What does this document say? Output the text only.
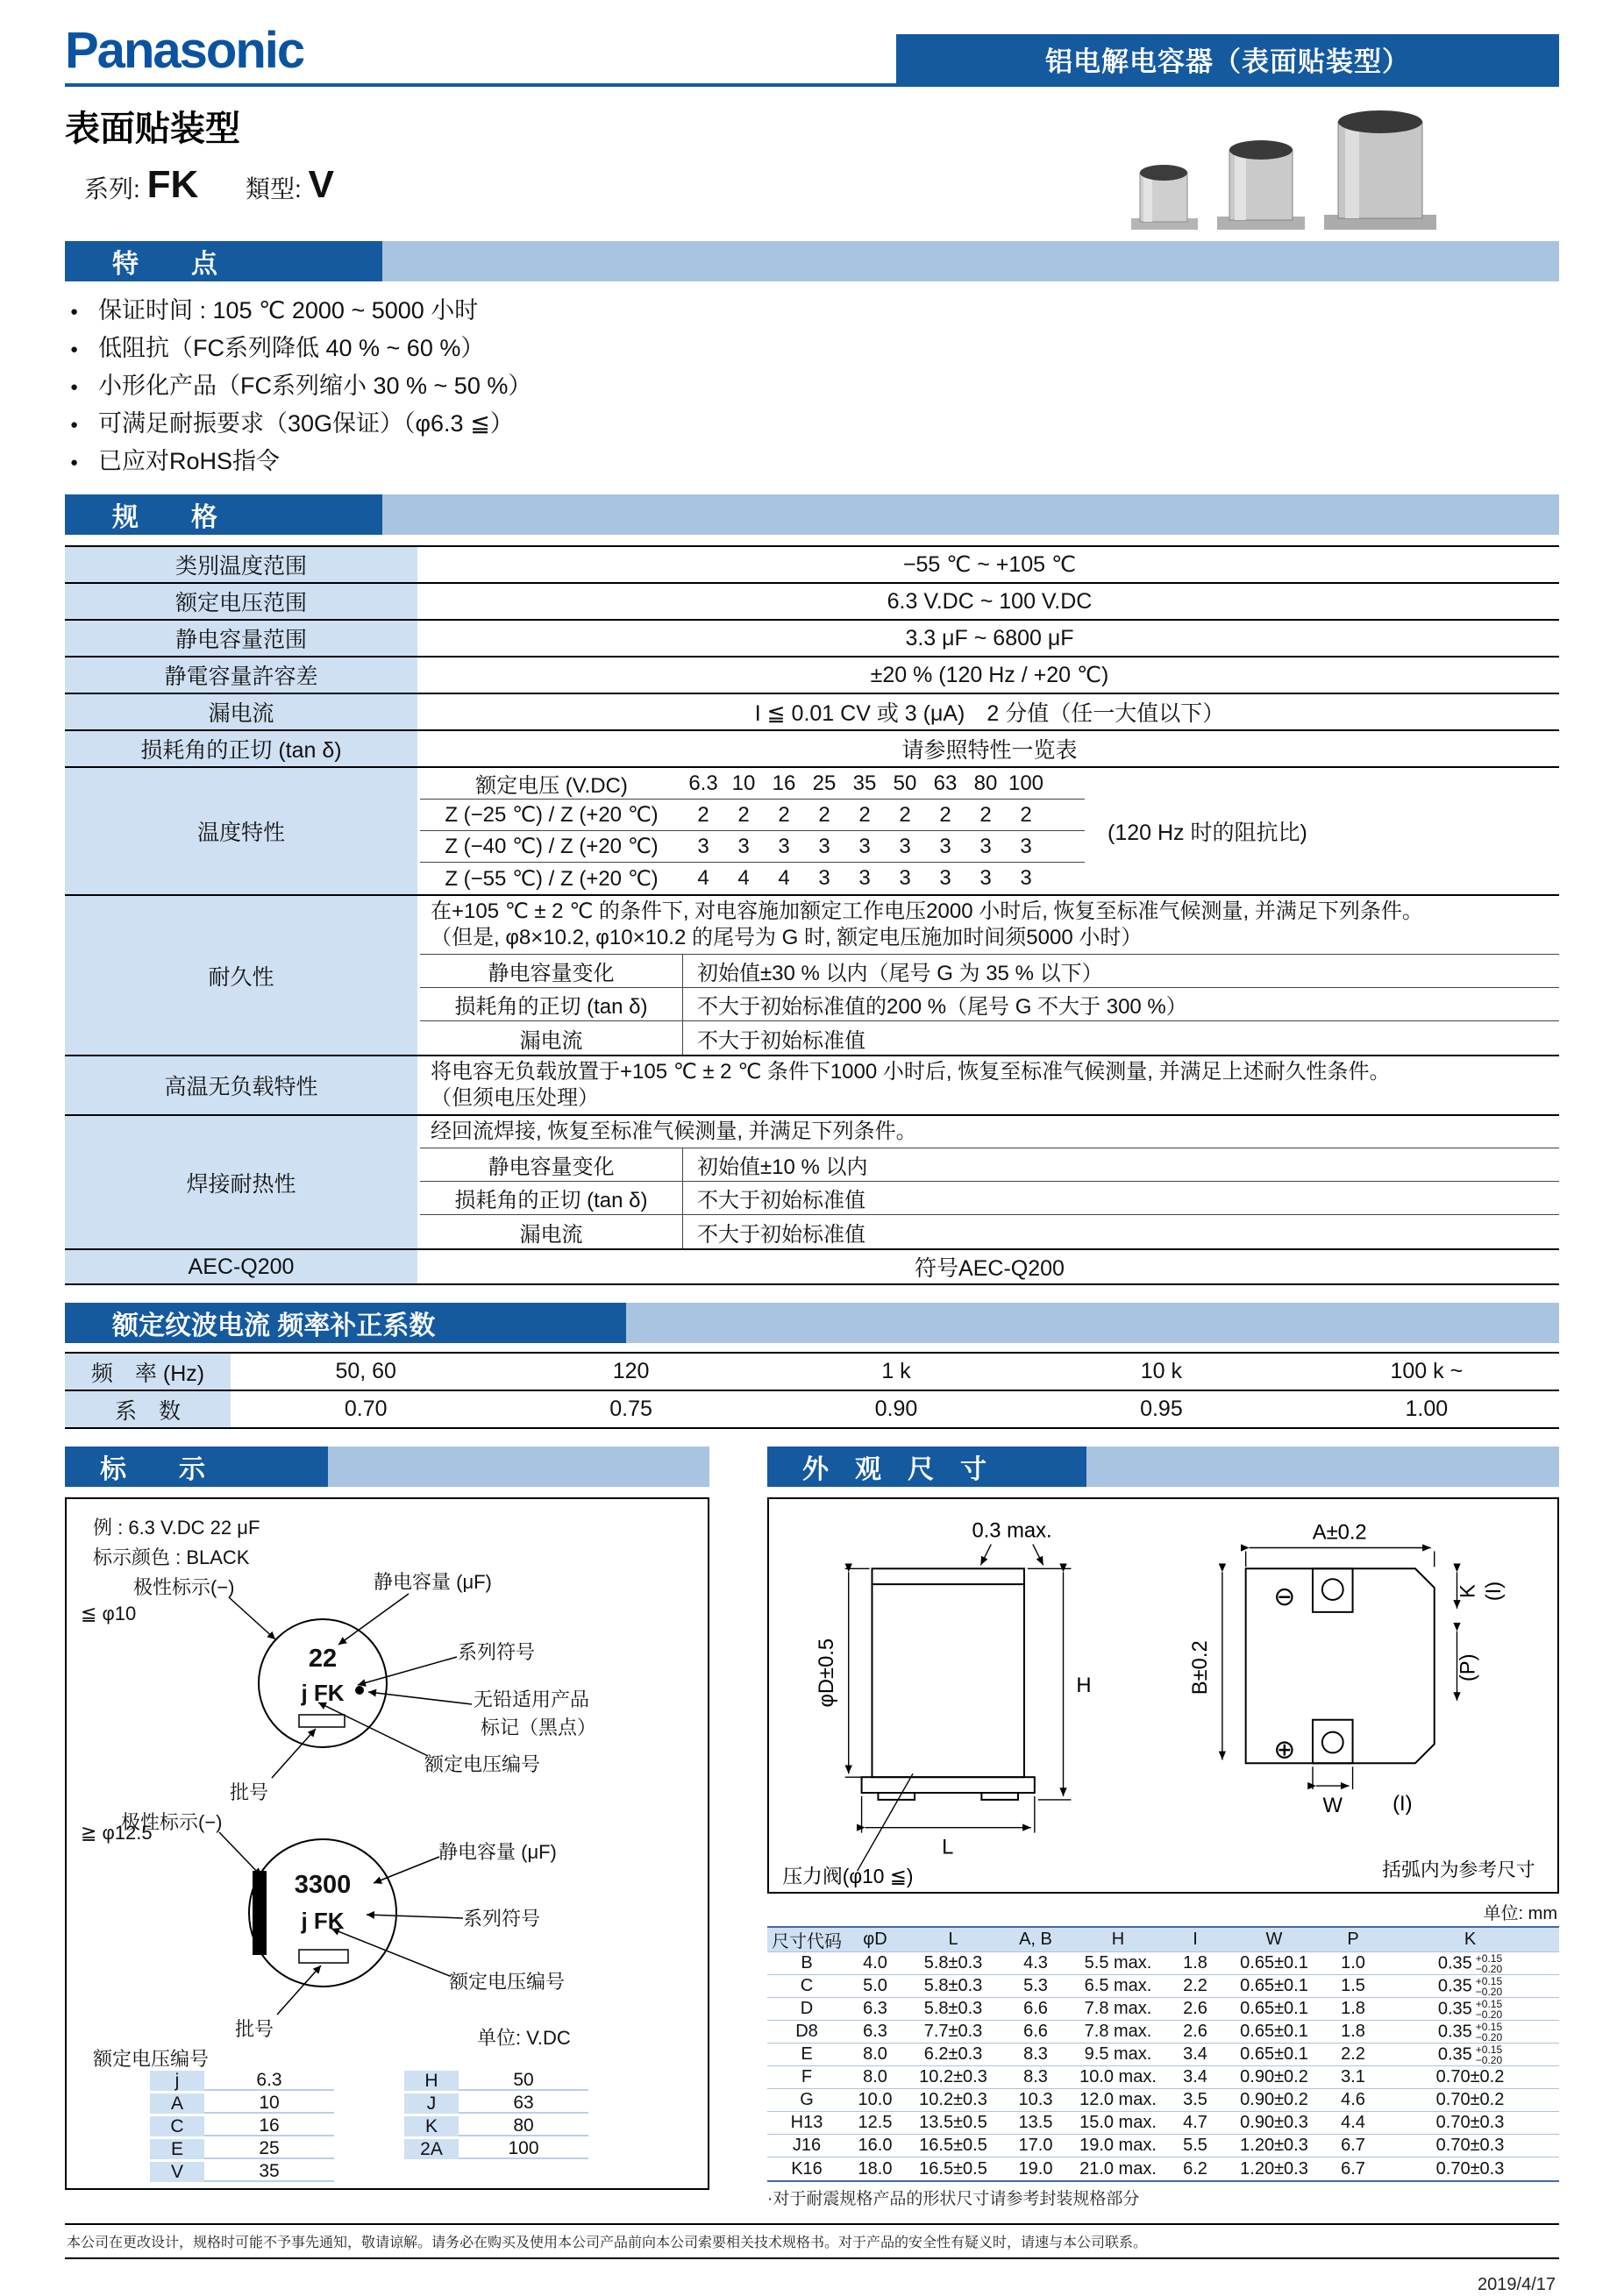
Panasonic	铝电解电容器（表面贴装型）
表面贴装型
系列: FK 類型: V
特　　点
● 保证时间 : 105 ℃ 2000 ~ 5000 小时
● 低阻抗（FC系列降低 40 % ~ 60 %）
● 小形化产品（FC系列缩小 30 % ~ 50 %）
● 可满足耐振要求（30G保证）（φ6.3 ≦）
● 已应对RoHS指令
规　　格
类別温度范围	−55 ℃ ~ +105 ℃
额定电压范围	6.3 V.DC ~ 100 V.DC
静电容量范围	3.3 μF ~ 6800 μF
静電容量許容差	±20 % (120 Hz / +20 ℃)
漏电流	I ≦ 0.01 CV 或 3 (μA)　2 分值（任一大值以下）
损耗角的正切 (tan δ)	请参照特性一览表
温度特性
额定电压 (V.DC)	6.3 10 16 25 35 50 63 80 100
Z (−25 ℃) / Z (+20 ℃)	2	2	2	2	2	2	2	2	2
Z (−40 ℃) / Z (+20 ℃)	3	3	3	3	3	3	3	3	3
Z (−55 ℃) / Z (+20 ℃)	4	4	4	3	3	3	3	3	3
(120 Hz 时的阻抗比)
耐久性
在+105 ℃ ± 2 ℃ 的条件下, 对电容施加额定工作电压2000 小时后, 恢复至标准气候测量, 并满足下列条件。
（但是, φ8×10.2, φ10×10.2 的尾号为 G 时, 额定电压施加时间须5000 小时）
静电容量变化	初始值±30 % 以内（尾号 G 为 35 % 以下）
损耗角的正切 (tan δ)	不大于初始标准值的200 %（尾号 G 不大于 300 %）
漏电流	不大于初始标准值
高温无负载特性
将电容无负载放置于+105 ℃ ± 2 ℃ 条件下1000 小时后, 恢复至标准气候测量, 并满足上述耐久性条件。
（但须电压处理）
焊接耐热性
经回流焊接, 恢复至标准气候测量, 并满足下列条件。
静电容量变化	初始值±10 % 以内
损耗角的正切 (tan δ)	不大于初始标准值
漏电流	不大于初始标准值
AEC-Q200	符号AEC-Q200
额定纹波电流 频率补正系数
频　率 (Hz)	50, 60	120	1 k	10 k	100 k ~
系　数	0.70	0.75	0.90	0.95	1.00
标　　示
例 : 6.3 V.DC 22 μF
标示颜色 : BLACK
≦ φ10
极性标示(−)	静电容量 (μF)
22
j FK
系列符号
无铅适用产品
标记（黑点）
额定电压编号
批号
≧ φ12.5
极性标示(−)
3300
j FK
静电容量 (μF)
系列符号
额定电压编号
批号
额定电压编号
单位: V.DC
j	6.3
A	10
C	16
E	25
V	35
H	50
J	63
K	80
2A	100
外　观　尺　寸
0.3 max.
φD±0.5	H
L
压力阀(φ10 ≦)
⊖
⊕
A±0.2
K (I)
B±0.2	(P)
W (I)
括弧内为参考尺寸
单位: mm
尺寸代码	φD	L	A, B	H	I	W	P	K
B	4.0	5.8±0.3	4.3	5.5 max.	1.8	0.65±0.1	1.0	0.35 +0.15
−0.20
C	5.0	5.8±0.3	5.3	6.5 max.	2.2	0.65±0.1	1.5	0.35 +0.15
−0.20
D	6.3	5.8±0.3	6.6	7.8 max.	2.6	0.65±0.1	1.8	0.35 +0.15
−0.20
D8	6.3	7.7±0.3	6.6	7.8 max.	2.6	0.65±0.1	1.8	0.35 +0.15
−0.20
E	8.0	6.2±0.3	8.3	9.5 max.	3.4	0.65±0.1	2.2	0.35 +0.15
−0.20
F	8.0	10.2±0.3	8.3	10.0 max.	3.4	0.90±0.2	3.1	0.70±0.2
G	10.0	10.2±0.3	10.3	12.0 max.	3.5	0.90±0.2	4.6	0.70±0.2
H13	12.5	13.5±0.5	13.5	15.0 max.	4.7	0.90±0.3	4.4	0.70±0.3
J16	16.0	16.5±0.5	17.0	19.0 max.	5.5	1.20±0.3	6.7	0.70±0.3
K16	18.0	16.5±0.5	19.0	21.0 max.	6.2	1.20±0.3	6.7	0.70±0.3
·对于耐震规格产品的形状尺寸请参考封装规格部分
本公司在更改设计，规格时可能不予事先通知，敬请谅解。请务必在购买及使用本公司产品前向本公司索要相关技术规格书。对于产品的安全性有疑义时，请速与本公司联系。
2019/4/17
